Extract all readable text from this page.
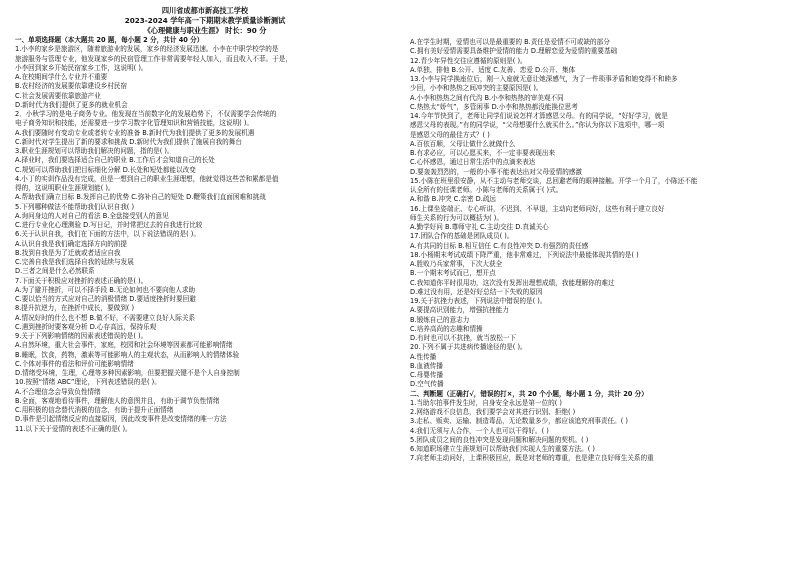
四川省成都市新高技工学校
2023-2024 学年高一下期期末教学质量诊断测试
《心理健康与职业生涯》 时长：90 分
一、单项选择题（本大题共 20 题，每小题 2 分，共计 40 分）
1.小李的家乡是旅游区，随着旅游业的发展，家乡的经济发展迅速。小李在中职学校学的是
旅游服务与管理专业，他发现家乡的民宿管理工作非常需要年轻人加入，而且收入不菲。于是，
小李回到家乡开始民宿家乡工作，这说明( )。
A.在校期间学什么专业并不重要
B.农村经济的发展要依靠建设乡村民宿
C.社会发展需要依靠旅游产业
D.新时代为我们提供了更多的就业机会
2．小秋学习的是电子商务专业。他发现在当前数字化的发展趋势下，不仅需要学会传统的
电子商务知识和技能，还需要进一步学习数字化管理知识和营销技能，这说明( )。
A.我们要随时有变动专业或者转专业的准备 B.新时代为我们提供了更多的发展机遇
C.新时代对学生提出了新的要求和挑战 D.新时代为我们提供了施展自我的舞台
3.职业生涯规划可以帮助我们解决的问题，指的是( )。
A.择业时，我们要选择适合自己的职业 B.工作后才会知道自己的长处
C.规划可以帮助我们把目标细化分解 D.长处和短处都能以改变
4.小丁的实训作品没有完成，但是一想到自己的职业生涯理想，他就觉得这些苦和累都是值
得的，这说明职业生涯规划能( )。
A.帮助我们确立目标 B.发挥自己的优势 C.弥补自己的短处 D.鞭策我们直面困难和挑战
5.下列哪种做法不能帮助我们认识自我( )
A.询问身边的人对自己的看法 B.全盘接受别人的意见
C.进行专业化心理测验 D.写日记，并时常把过去的自我进行比较
6.关于认识自我，我们在下面的方法中，以下说法错误的是( )。
A.认识自我是我们确定选择方向的前提
B.找到自我是为了迁就或者适应自我
C.完善自我是我们选择自我的延续与发展
D.三者之间是什么必然联系
7.下面关于积极应对挫折的表述正确的是( )。
A.为了避开挫折，可以不择手段 B.无论如何也不要向他人求助
C.要以恰当的方式应对自己的消极情绪 D.要适度挫折时要回避
8.提升抗逆力，在挫折中成长，要做到( )
A.情况好时的什么也不想 B.做不好，不需要建立良好人际关系
C.遇到挫折时要客观分析 D.心存高远，保持乐观
9.关于下列影响情绪的因素表述错误的是( )。
A.自然环境，重大社会事件，家庭，校园和社会环境等因素都可能影响情绪
B.睡眠，饮食，药物，激素等可能影响人的主观状态，从而影响人的情绪体验
C.个体对事件的看法和评价可能影响情绪
D.情绪受环境，生理，心理等多种因素影响，但要把握关键不是个人自身控制
10.按照“情绪 ABC”理论，下列表述错误的是( )。
A.不合理信念会导致负性情绪
B.全面，客观地看待事件，理解他人的意图并且，有助于调节负性情绪
C.用积极的信念替代消极的信念，有助于提升正面情绪
D.事件是引起情绪反应的直接原因，因此改变事件是改变情绪的唯一方法
11.以下关于爱情的表述不正确的是( )。
A.在学生时期，爱情也可以是最重要的 B.责任是爱情不可或缺的部分
C.拥有美好爱情需要具备维护爱情的能力 D.理解恋爱为爱情的重要基础
12.青少年异性交往应遵循的原则是( )。
A.单独、排他 B.公开、适度 C.友善、恋爱 D.公开、集体
13.小李与同学换座位后，刚一入座就无意让她深感气，为了一件琐事矛盾和她变得不和睦多
少回，小李和热热之间冲突的主要原因是( )。
A.小李和热热之间有代沟 B.小李和热热的审美观不同
C.热热太“娇气”，多管闲事 D.小李和热热都没能换位思考
14.今年节快到了，老师让同学们说说怎样才算感恩父母。有的同学说，“好好学习，就是
感恩父母的表现。”有的同学说，“父母想要什么就买什么。”你认为你以下选项中，哪一项
是感恩父母的最佳方式？( )
A.百依百顺，父母让做什么就做什么
B.有求必应，可以心愿买来，不一定非要表现出来
C.心怀感恩，通过日常生活中的点滴来表达
D.要轰轰烈烈的，一般的小事不能表达出对父母爱情的感激
15.小陈在班里很安静，从不主动与老师交谈，总回避老师的眼神接触。开学一个月了，小陈还不能
认全所有的任课老师。小陈与老师的关系属于( )式。
A.和谐 B.冲突 C.亲密 D.疏远
16.上课坐姿端正、专心听讲，不迟到、不早退，主动向老师问好，这些有利于建立良好
师生关系的行为可以概括为( )。
A.勤学好问 B.尊师守礼 C.主动交往 D.真诚关心
17.团队合作的基础是团队成员( )。
A.有共同的目标 B.相互信任 C.有良性冲突 D.有强烈的责任感
18.小杨期末考试成绩下降严重，他非常难过，下列说法中最能体现共情的是( )
A.胜败乃兵家常事，下次大获全
B.一个期末考试而已，想开点
C.我知道你平时很用功，这次没有发挥出理想成绩，我能理解你的难过
D.难过没有用，还是好好总结一下失败的原因
19.关于抗挫力表述，下列说法中错误的是( )。
A.要提高识别能力，增强抗挫能力
B.锻炼自己的意志力
C.培养高尚的志趣和情操
D.有时也可以不抗挫，就当放松一下
20.下列不属于共进病传播途径的是( )。
A.性传播
B.血液传播
C.母婴传播
D.空气传播
二、判断题（正确打√，错误的打×，共 20 个小题，每小题 1 分，共计 20 分）
1.当助尔拍事件发生时，自身安全永远是第一位的( )
2.网络游戏不良信息，我们要学会对其进行识别、拒绝( )
3.走私、贩卖、运输、制造毒品，无论数量多少，都应该追究刑事责任。( )
4.我们无须与人合作，一个人也可以干得好。( )
5.团队成员之间的良性冲突是发现问题和解决问题的契机。( )
6.知道职场建立生涯规划可以帮助我们实现人生的重要方法。( )
7.向老师主动问好，上课积极回应，既是对老师的尊重，也是建立良好师生关系的重
